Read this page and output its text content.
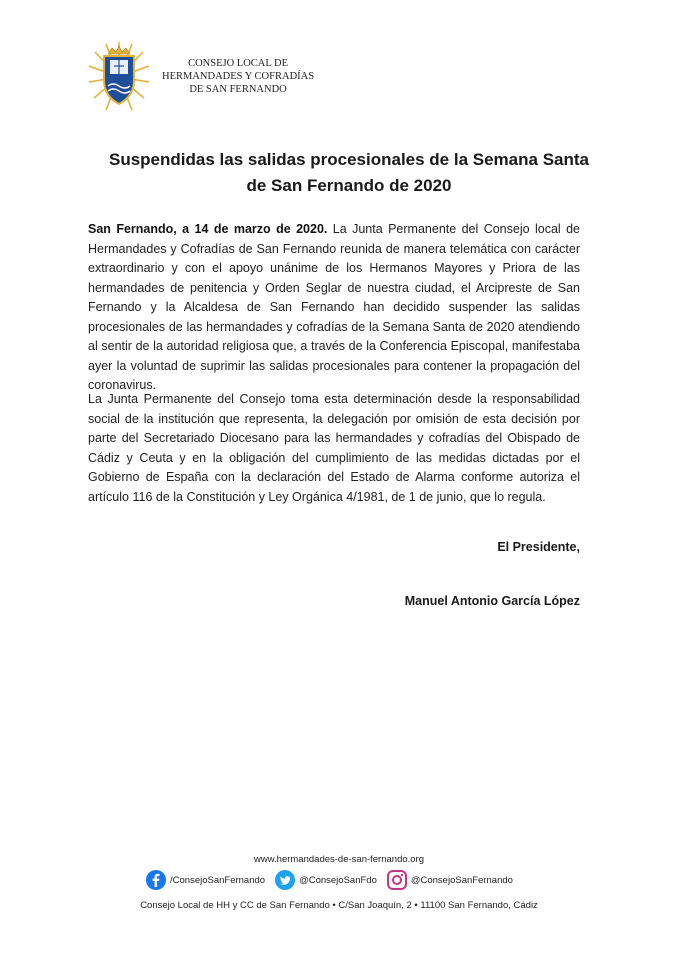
CONSEJO LOCAL DE
HERMANDADES Y COFRADÍAS
DE SAN FERNANDO
Suspendidas las salidas procesionales de la Semana Santa
de San Fernando de 2020
San Fernando, a 14 de marzo de 2020. La Junta Permanente del Consejo local de Hermandades y Cofradías de San Fernando reunida de manera telemática con carácter extraordinario y con el apoyo unánime de los Hermanos Mayores y Priora de las hermandades de penitencia y Orden Seglar de nuestra ciudad, el Arcipreste de San Fernando y la Alcaldesa de San Fernando han decidido suspender las salidas procesionales de las hermandades y cofradías de la Semana Santa de 2020 atendiendo al sentir de la autoridad religiosa que, a través de la Conferencia Episcopal, manifestaba ayer la voluntad de suprimir las salidas procesionales para contener la propagación del coronavirus.
La Junta Permanente del Consejo toma esta determinación desde la responsabilidad social de la institución que representa, la delegación por omisión de esta decisión por parte del Secretariado Diocesano para las hermandades y cofradías del Obispado de Cádiz y Ceuta y en la obligación del cumplimiento de las medidas dictadas por el Gobierno de España con la declaración del Estado de Alarma conforme autoriza el artículo 116 de la Constitución y Ley Orgánica 4/1981, de 1 de junio, que lo regula.
El Presidente,
Manuel Antonio García López
www.hermandades-de-san-fernando.org
/ConsejoSanFernando	@ConsejoSanFdo	@ConsejoSanFernando
Consejo Local de HH y CC de San Fernando • C/San Joaquín, 2 • 11100 San Fernando, Cádiz
